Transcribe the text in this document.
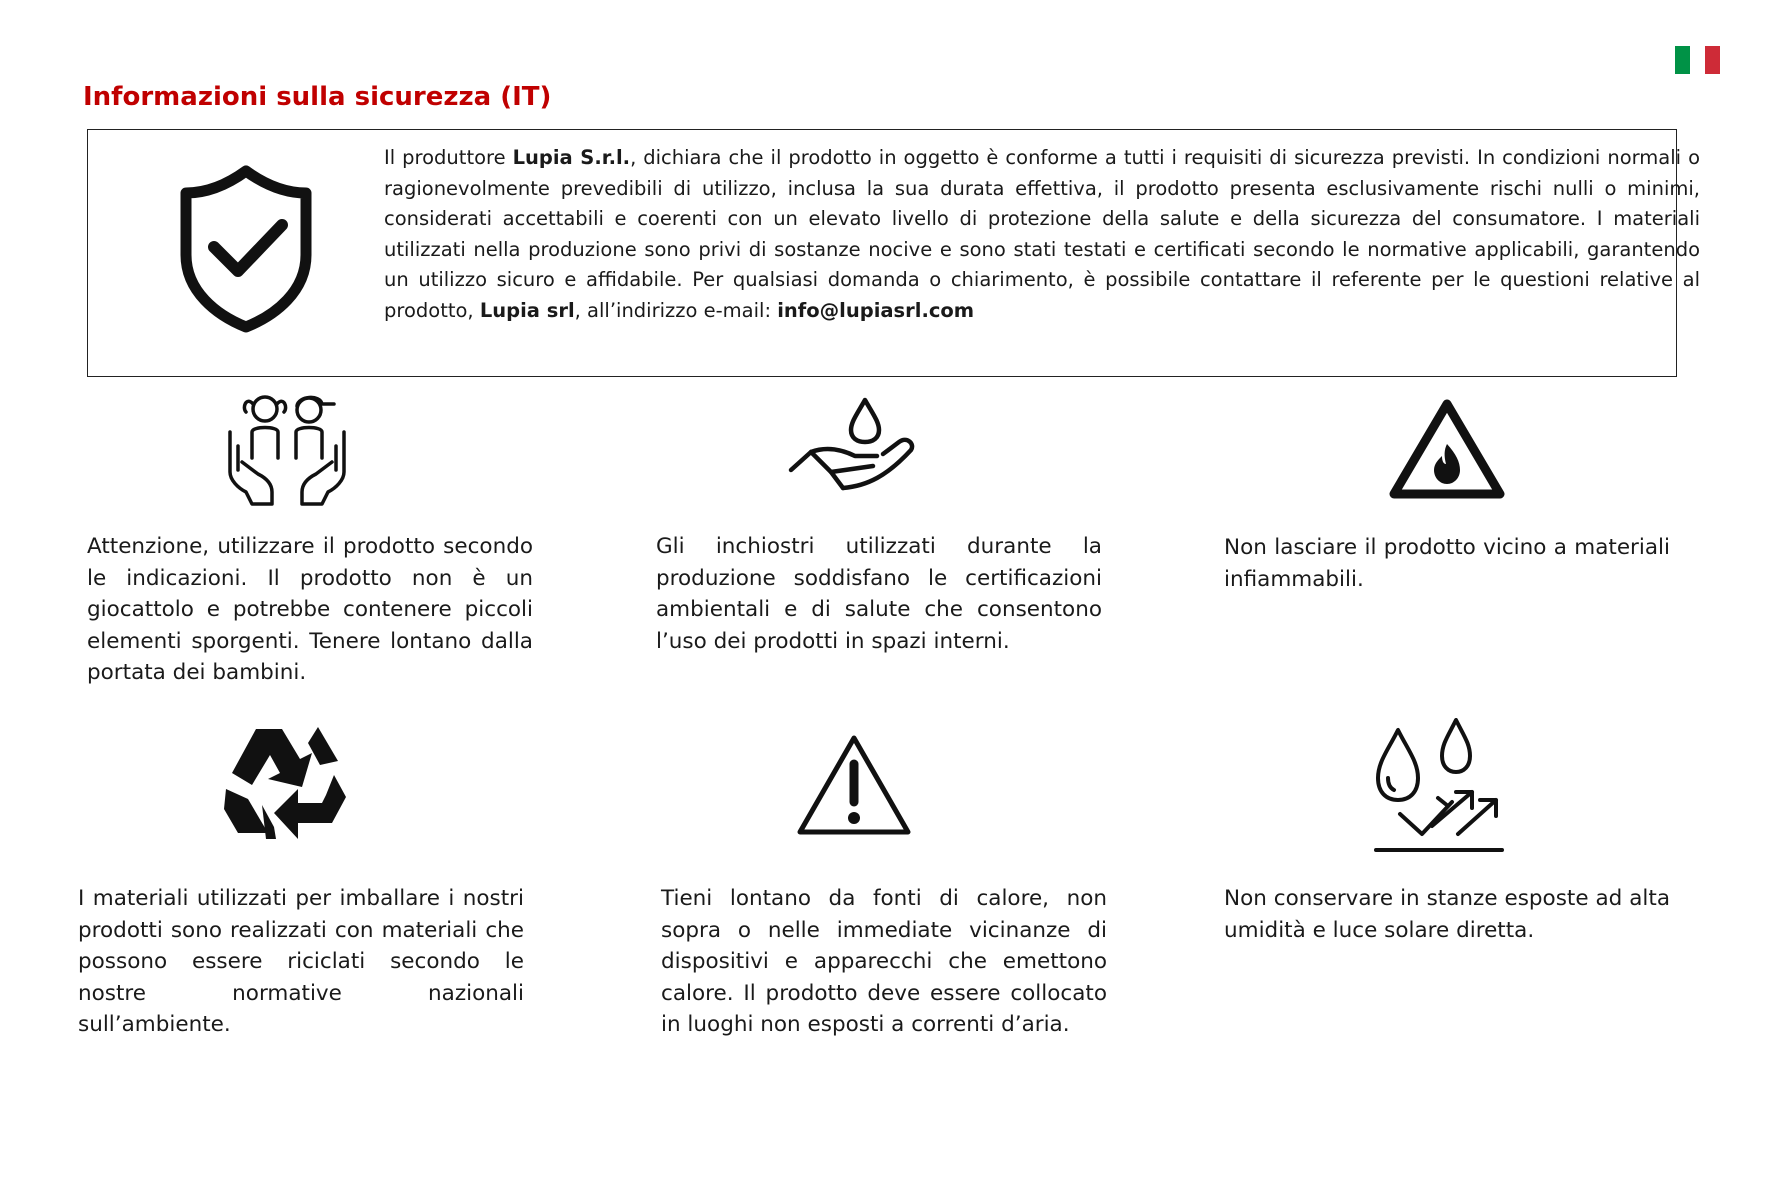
Informazioni sulla sicurezza (IT)

Il produttore Lupia S.r.l., dichiara che il prodotto in oggetto è conforme a tutti i requisiti di sicurezza previsti. In condizioni normali o ragionevolmente prevedibili di utilizzo, inclusa la sua durata effettiva, il prodotto presenta esclusivamente rischi nulli o minimi, considerati accettabili e coerenti con un elevato livello di protezione della salute e della sicurezza del consumatore. I materiali utilizzati nella produzione sono privi di sostanze nocive e sono stati testati e certificati secondo le normative applicabili, garantendo un utilizzo sicuro e affidabile. Per qualsiasi domanda o chiarimento, è possibile contattare il referente per le questioni relative al prodotto, Lupia srl, all’indirizzo e-mail: info@lupiasrl.com

Attenzione, utilizzare il prodotto secondo le indicazioni. Il prodotto non è un giocattolo e potrebbe contenere piccoli elementi sporgenti. Tenere lontano dalla portata dei bambini.

Gli inchiostri utilizzati durante la produzione soddisfano le certificazioni ambientali e di salute che consentono l’uso dei prodotti in spazi interni.

Non lasciare il prodotto vicino a materiali infiammabili.

I materiali utilizzati per imballare i nostri prodotti sono realizzati con materiali che possono essere riciclati secondo le nostre normative nazionali sull’ambiente.

Tieni lontano da fonti di calore, non sopra o nelle immediate vicinanze di dispositivi e apparecchi che emettono calore. Il prodotto deve essere collocato in luoghi non esposti a correnti d’aria.

Non conservare in stanze esposte ad alta umidità e luce solare diretta.
